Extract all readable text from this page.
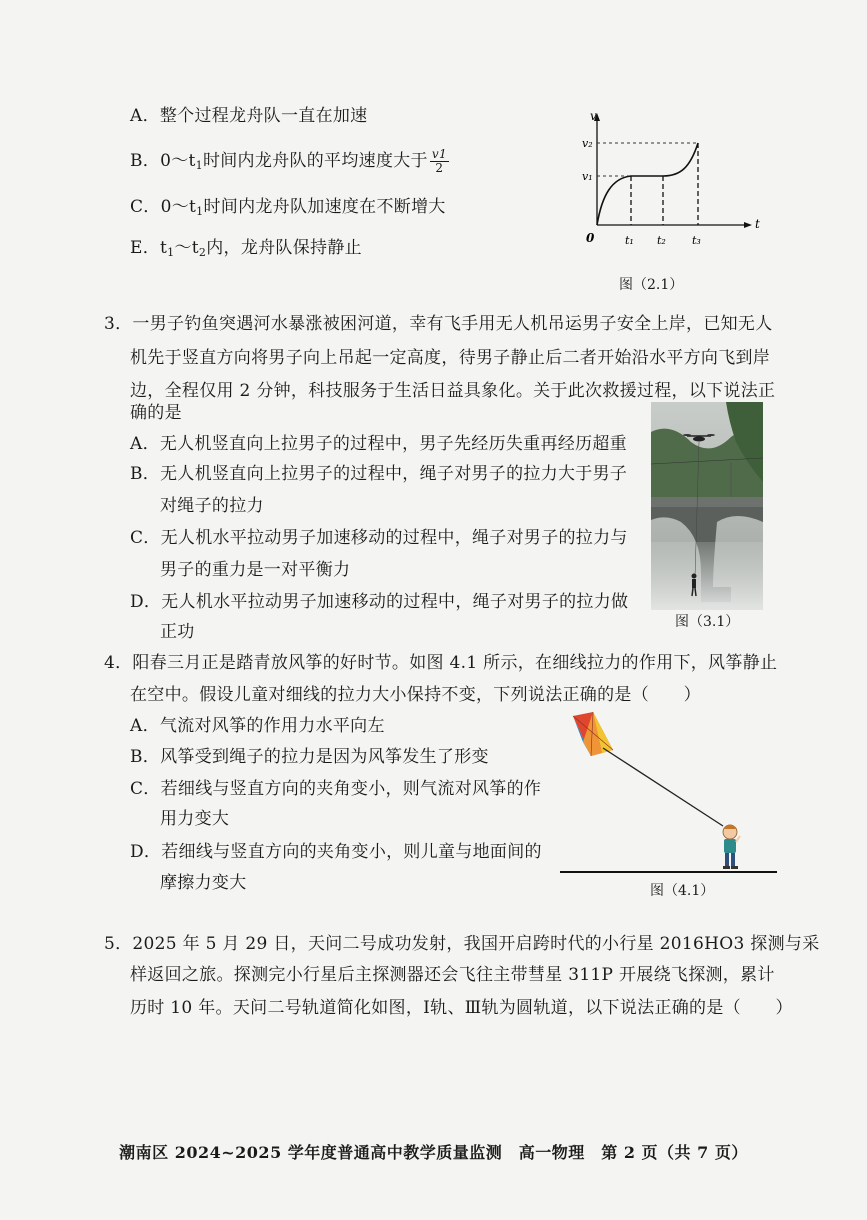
A．整个过程龙舟队一直在加速
B．$0\sim t_1$时间内龙舟队的平均速度大于 $\frac{v1}{2}$
C．$0\sim t_1$时间内龙舟队加速度在不断增大
E．$t_1\sim t_2$内，龙舟队保持静止
v
t
v₂
v₁
0	t₁ t₂ t₃
图（2.1）
3．一男子钓鱼突遇河水暴涨被困河道，幸有飞手用无人机吊运男子安全上岸，已知无人
机先于竖直方向将男子向上吊起一定高度，待男子静止后二者开始沿水平方向飞到岸
边，全程仅用 2 分钟，科技服务于生活日益具象化。关于此次救援过程，以下说法正
确的是
A．无人机竖直向上拉男子的过程中，男子先经历失重再经历超重
B．无人机竖直向上拉男子的过程中，绳子对男子的拉力大于男子
对绳子的拉力
C．无人机水平拉动男子加速移动的过程中，绳子对男子的拉力与
男子的重力是一对平衡力
D．无人机水平拉动男子加速移动的过程中，绳子对男子的拉力做
正功	图（3.1）
4．阳春三月正是踏青放风筝的好时节。如图 4.1 所示，在细线拉力的作用下，风筝静止
在空中。假设儿童对细线的拉力大小保持不变，下列说法正确的是（　　）
A．气流对风筝的作用力水平向左
B．风筝受到绳子的拉力是因为风筝发生了形变
C．若细线与竖直方向的夹角变小，则气流对风筝的作
用力变大
D．若细线与竖直方向的夹角变小，则儿童与地面间的
摩擦力变大	图（4.1）
5．2025 年 5 月 29 日，天问二号成功发射，我国开启跨时代的小行星 2016HO3 探测与采
样返回之旅。探测完小行星后主探测器还会飞往主带彗星 311P 开展绕飞探测，累计
历时 10 年。天问二号轨道简化如图，Ⅰ轨、Ⅲ轨为圆轨道，以下说法正确的是（　　）
潮南区 2024~2025 学年度普通高中教学质量监测　高一物理　第 2 页（共 7 页）
